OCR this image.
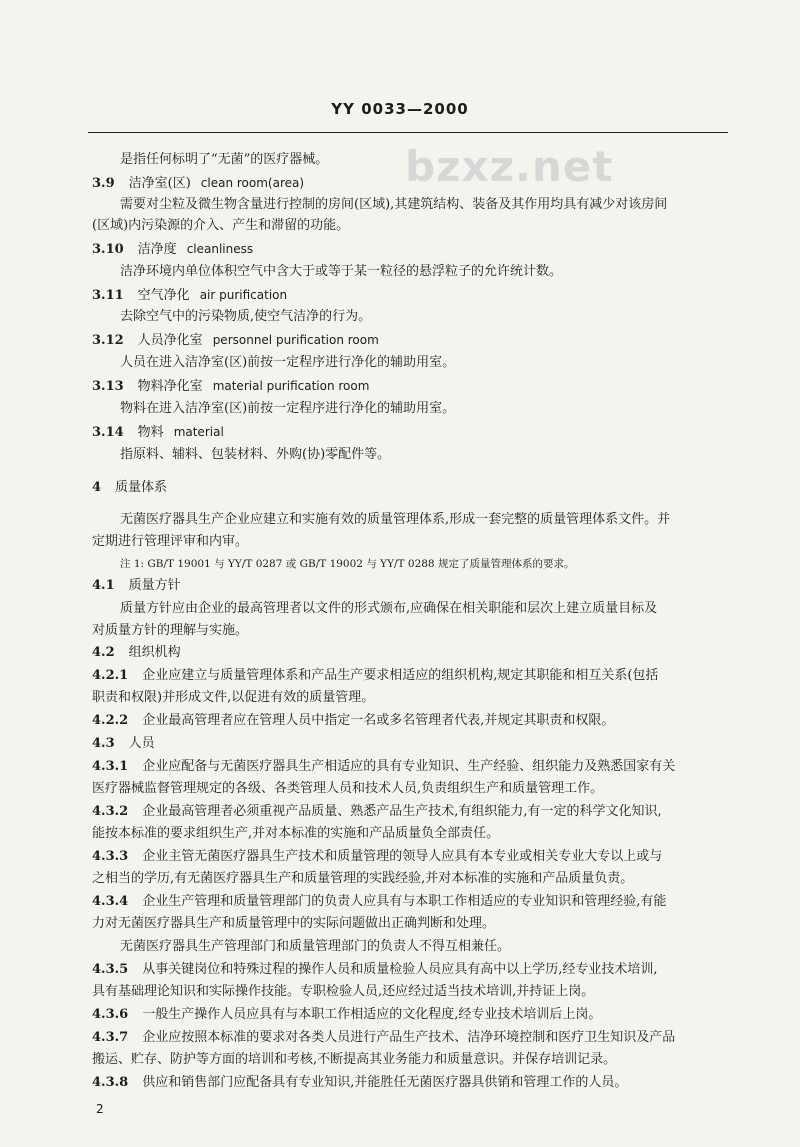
YY 0033—2000
bzxz.net
是指任何标明了“无菌”的医疗器械。
3.9 洁净室(区) clean room(area)
需要对尘粒及微生物含量进行控制的房间(区域),其建筑结构、装备及其作用均具有减少对该房间
(区域)内污染源的介入、产生和滞留的功能。
3.10 洁净度 cleanliness
洁净环境内单位体积空气中含大于或等于某一粒径的悬浮粒子的允许统计数。
3.11 空气净化 air purification
去除空气中的污染物质,使空气洁净的行为。
3.12 人员净化室 personnel purification room
人员在进入洁净室(区)前按一定程序进行净化的辅助用室。
3.13 物料净化室 material purification room
物料在进入洁净室(区)前按一定程序进行净化的辅助用室。
3.14 物料 material
指原料、辅料、包装材料、外购(协)零配件等。
4 质量体系
无菌医疗器具生产企业应建立和实施有效的质量管理体系,形成一套完整的质量管理体系文件。并
定期进行管理评审和内审。
注 1: GB/T 19001 与 YY/T 0287 或 GB/T 19002 与 YY/T 0288 规定了质量管理体系的要求。
4.1 质量方针
质量方针应由企业的最高管理者以文件的形式颁布,应确保在相关职能和层次上建立质量目标及
对质量方针的理解与实施。
4.2 组织机构
4.2.1 企业应建立与质量管理体系和产品生产要求相适应的组织机构,规定其职能和相互关系(包括
职责和权限)并形成文件,以促进有效的质量管理。
4.2.2 企业最高管理者应在管理人员中指定一名或多名管理者代表,并规定其职责和权限。
4.3 人员
4.3.1 企业应配备与无菌医疗器具生产相适应的具有专业知识、生产经验、组织能力及熟悉国家有关
医疗器械监督管理规定的各级、各类管理人员和技术人员,负责组织生产和质量管理工作。
4.3.2 企业最高管理者必须重视产品质量、熟悉产品生产技术,有组织能力,有一定的科学文化知识,
能按本标准的要求组织生产,并对本标准的实施和产品质量负全部责任。
4.3.3 企业主管无菌医疗器具生产技术和质量管理的领导人应具有本专业或相关专业大专以上或与
之相当的学历,有无菌医疗器具生产和质量管理的实践经验,并对本标准的实施和产品质量负责。
4.3.4 企业生产管理和质量管理部门的负责人应具有与本职工作相适应的专业知识和管理经验,有能
力对无菌医疗器具生产和质量管理中的实际问题做出正确判断和处理。
无菌医疗器具生产管理部门和质量管理部门的负责人不得互相兼任。
4.3.5 从事关键岗位和特殊过程的操作人员和质量检验人员应具有高中以上学历,经专业技术培训,
具有基础理论知识和实际操作技能。专职检验人员,还应经过适当技术培训,并持证上岗。
4.3.6 一般生产操作人员应具有与本职工作相适应的文化程度,经专业技术培训后上岗。
4.3.7 企业应按照本标准的要求对各类人员进行产品生产技术、洁净环境控制和医疗卫生知识及产品
搬运、贮存、防护等方面的培训和考核,不断提高其业务能力和质量意识。并保存培训记录。
4.3.8 供应和销售部门应配备具有专业知识,并能胜任无菌医疗器具供销和管理工作的人员。
2
